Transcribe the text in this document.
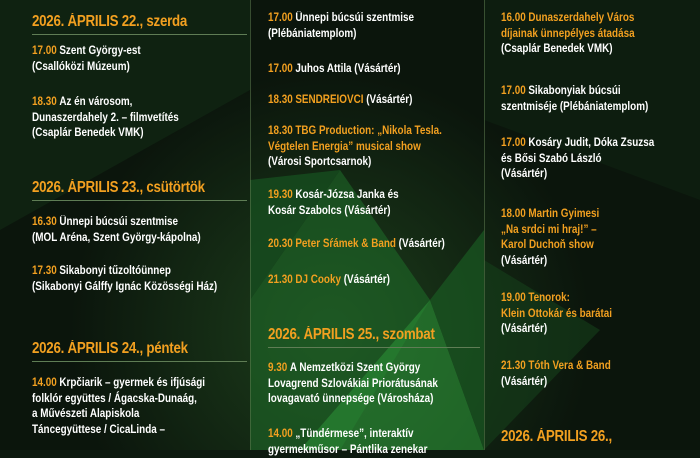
2026. ÁPRILIS 22., szerda
17.00 Szent György-est
(Csallóközi Múzeum)
18.30 Az én városom,
Dunaszerdahely 2. – filmvetítés
(Csaplár Benedek VMK)
2026. ÁPRILIS 23., csütörtök
16.30 Ünnepi búcsúi szentmise
(MOL Aréna, Szent György-kápolna)
17.30 Sikabonyi tűzoltóünnep
(Sikabonyi Gálffy Ignác Közösségi Ház)
2026. ÁPRILIS 24., péntek
14.00 Krpčiarik – gyermek és ifjúsági
folklór együttes / Ágacska-Dunaág,
a Művészeti Alapiskola
Táncegyüttese / CicaLinda –
17.00 Ünnepi búcsúi szentmise
(Plébániatemplom)
17.00 Juhos Attila (Vásártér)
18.30 SENDREIOVCI (Vásártér)
18.30 TBG Production: „Nikola Tesla.
Végtelen Energia” musical show
(Városi Sportcsarnok)
19.30 Kosár-Józsa Janka és
Kosár Szabolcs (Vásártér)
20.30 Peter Sŕámek & Band (Vásártér)
21.30 DJ Cooky (Vásártér)
2026. ÁPRILIS 25., szombat
9.30 A Nemzetközi Szent György
Lovagrend Szlovákiai Priorátusának
lovagavató ünnepsége (Városháza)
14.00 „Tündérmese”, interaktív
gyermekműsor – Pántlika zenekar
16.00 Dunaszerdahely Város
díjainak ünnepélyes átadása
(Csaplár Benedek VMK)
17.00 Sikabonyiak búcsúi
szentmiséje (Plébániatemplom)
17.00 Kosáry Judit, Dóka Zsuzsa
és Bősi Szabó László
(Vásártér)
18.00 Martin Gyimesi
„Na srdci mi hraj!” –
Karol Duchoň show
(Vásártér)
19.00 Tenorok:
Klein Ottokár és barátai
(Vásártér)
21.30 Tóth Vera & Band
(Vásártér)
2026. ÁPRILIS 26.,
